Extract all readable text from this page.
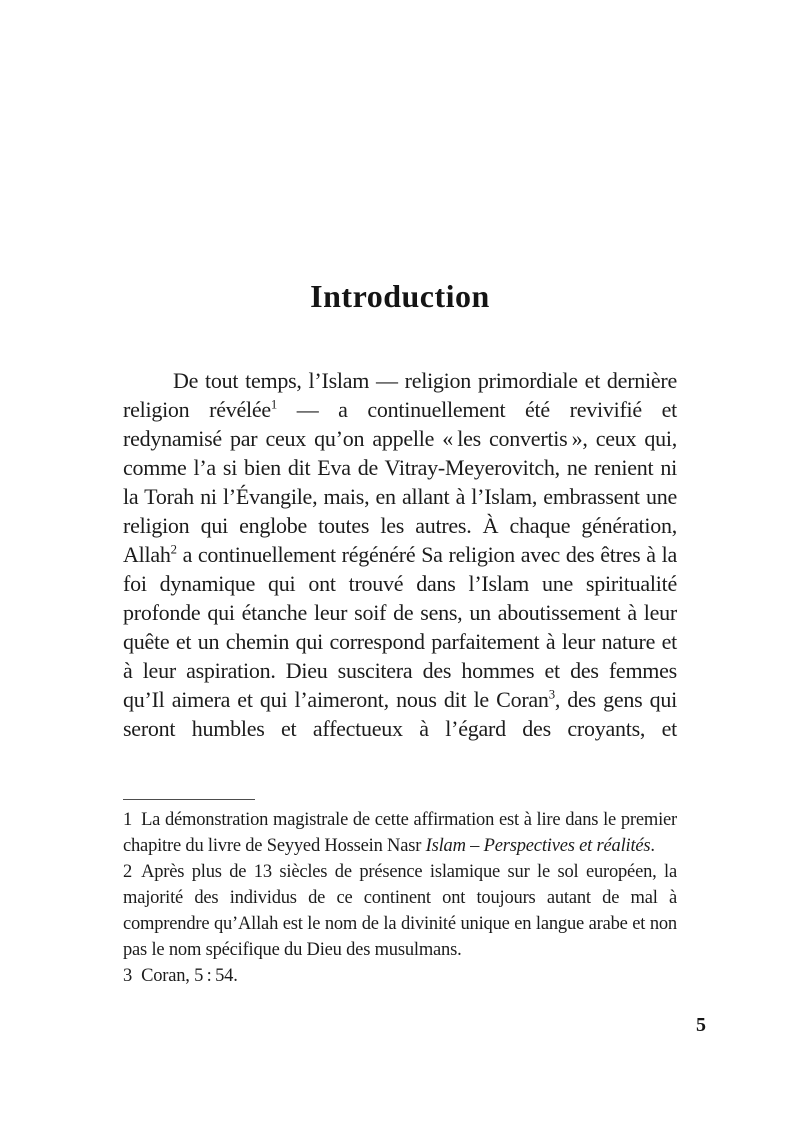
Introduction

De tout temps, l’Islam — religion primordiale et dernière religion révélée$^1$ — a continuellement été revivifié et redynamisé par ceux qu’on appelle « les convertis », ceux qui, comme l’a si bien dit Eva de Vitray-Meyerovitch, ne renient ni la Torah ni l’Évangile, mais, en allant à l’Islam, embrassent une religion qui englobe toutes les autres. À chaque génération, Allah$^2$ a continuellement régénéré Sa religion avec des êtres à la foi dynamique qui ont trouvé dans l’Islam une spiritualité profonde qui étanche leur soif de sens, un aboutissement à leur quête et un chemin qui correspond parfaitement à leur nature et à leur aspiration. Dieu suscitera des hommes et des femmes qu’Il aimera et qui l’aimeront, nous dit le Coran$^3$, des gens qui seront humbles et affectueux à l’égard des croyants, et

1 La démonstration magistrale de cette affirmation est à lire dans le premier chapitre du livre de Seyyed Hossein Nasr Islam – Perspectives et réalités.

2 Après plus de 13 siècles de présence islamique sur le sol européen, la majorité des individus de ce continent ont toujours autant de mal à comprendre qu’Allah est le nom de la divinité unique en langue arabe et non pas le nom spécifique du Dieu des musulmans.

3 Coran, 5 : 54.

5
